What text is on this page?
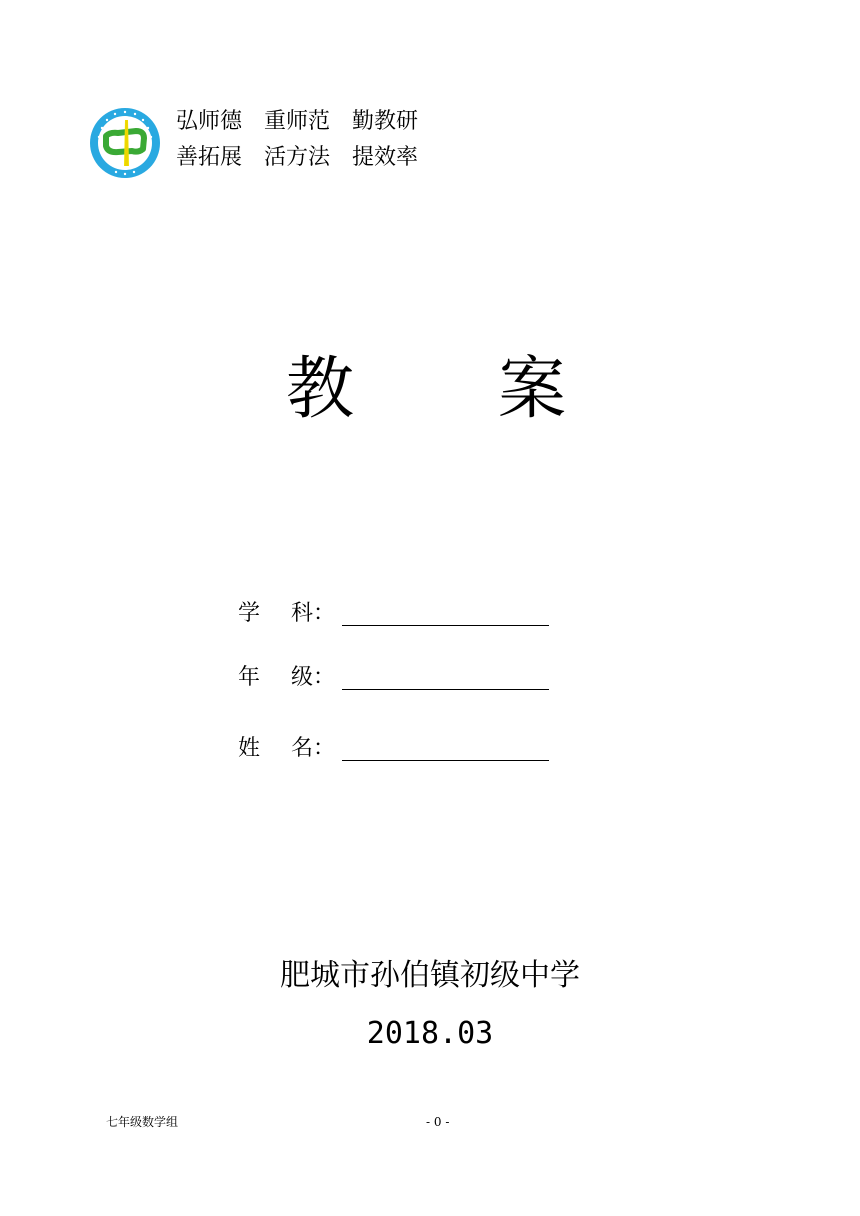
弘师德 重师范 勤教研
善拓展 活方法 提效率
教 案
学 科：
年 级：
姓 名：
肥城市孙伯镇初级中学
2018.03
七年级数学组	- 0 -
